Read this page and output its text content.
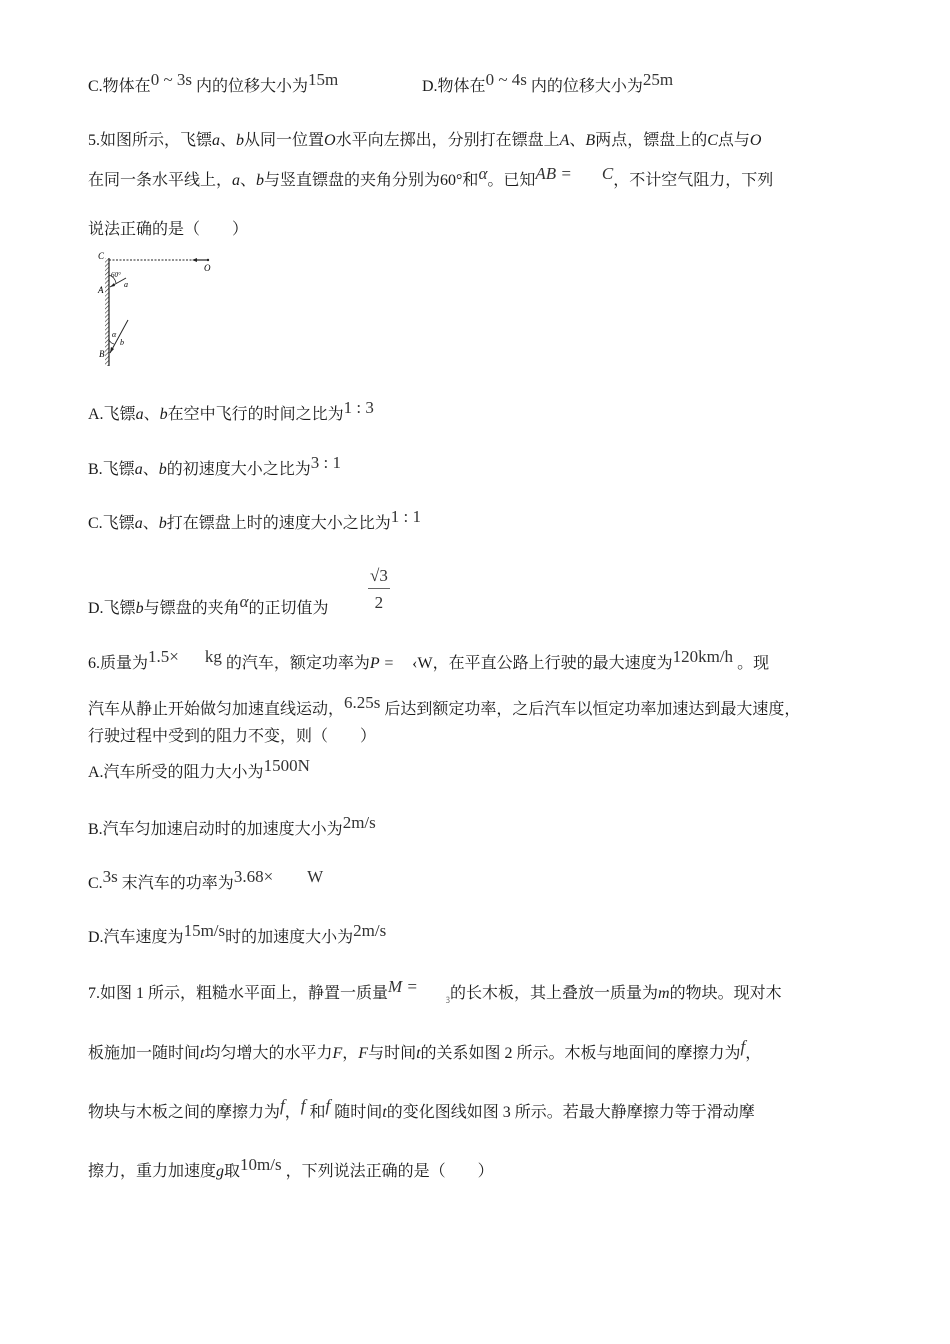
C.物体在0 ~ 3s 内的位移大小为15m	D.物体在0 ~ 4s 内的位移大小为25m
5.如图所示，飞镖a、b从同一位置O水平向左掷出，分别打在镖盘上A、B两点，镖盘上的C点与O
在同一条水平线上，a、b与竖直镖盘的夹角分别为60°和α。已知AB = C，不计空气阻力，下列
说法正确的是（　　）
C
O
A
B
60°
a
α
b
A.飞镖a、b在空中飞行的时间之比为1 : 3
B.飞镖a、b的初速度大小之比为3 : 1
C.飞镖a、b打在镖盘上时的速度大小之比为1 : 1
D.飞镖b与镖盘的夹角α的正切值为 $\frac{√3}{2}$
6.质量为1.5× kg 的汽车，额定功率为P = ‹W，在平直公路上行驶的最大速度为120km/h 。现
汽车从静止开始做匀加速直线运动，6.25s 后达到额定功率，之后汽车以恒定功率加速达到最大速度，
行驶过程中受到的阻力不变，则（　　）
A.汽车所受的阻力大小为1500N
B.汽车匀加速启动时的加速度大小为2m/s
C.3s 末汽车的功率为3.68× W
D.汽车速度为15m/s时的加速度大小为2m/s
7.如图 1 所示，粗糙水平面上，静置一质量M =ꝫ的长木板，其上叠放一质量为m的物块。现对木
板施加一随时间t均匀增大的水平力F，F与时间t的关系如图 2 所示。木板与地面间的摩擦力为f，
物块与木板之间的摩擦力为f，f 和f 随时间t的变化图线如图 3 所示。若最大静摩擦力等于滑动摩
擦力，重力加速度g取10m/s ，下列说法正确的是（　　）
